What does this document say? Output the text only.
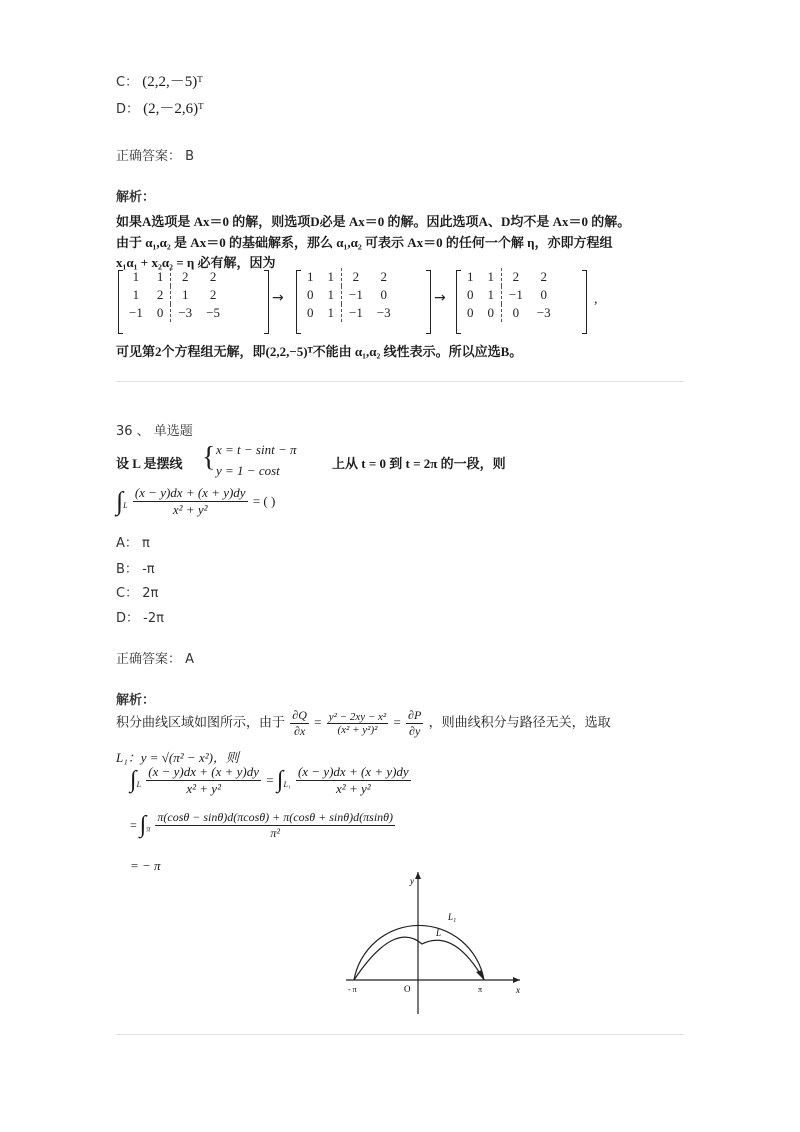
C： (2,2,－5)ᵀ
D： (2,－2,6)ᵀ
正确答案： B
解析：
如果A选项是 Ax＝0 的解，则选项D必是 Ax＝0 的解。因此选项A、D均不是 Ax＝0 的解。
由于 α₁,α₂ 是 Ax＝0 的基础解系，那么 α₁,α₂ 可表示 Ax＝0 的任何一个解 η，亦即方程组
x₁α₁ + x₂α₂ = η 必有解，因为
1	1	2	2
1	2	1	2
−1	0	−3	−5
→
1	1	2	2
0	1	−1	0
0	1	−1	−3
→
1	1	2	2
0	1	−1	0
0	0	0	−3
,
可见第2个方程组无解，即(2,2,−5)ᵀ不能由 α₁,α₂ 线性表示。所以应选B。
36 、 单选题
设 L 是摆线 { x = t − sint − π
y = 1 − cost	上从 t = 0 到 t = 2π 的一段，则
$\int_L \frac{(x - y)dx + (x + y)dy}{\text{x² + y²}}$ = ( )
A： π
B： -π
C： 2π
D： -2π
正确答案： A
解析：
积分曲线区域如图所示，由于 $\frac{\partial Q}{\partial x} = \frac{\text{y² − 2xy − x²}}{\text{(x² + y²)²}} = \frac{\partial P}{\partial y}$ ，则曲线积分与路径无关，选取
L₁：y = √(π² − x²)，则
$\int_L \frac{(x - y)dx + (x + y)dy}{\text{x² + y²}} = \int_{L_1} \frac{(x - y)dx + (x + y)dy}{\text{x² + y²}}$
= $\int_\pi \frac{\pi(\cos\theta - \sin\theta)d(\pi\cos\theta) + \pi(\cos\theta + \sin\theta)d(\pi\sin\theta)}{\text{π²}}$
= − π
y
x
O
- π	π
L₁
L
